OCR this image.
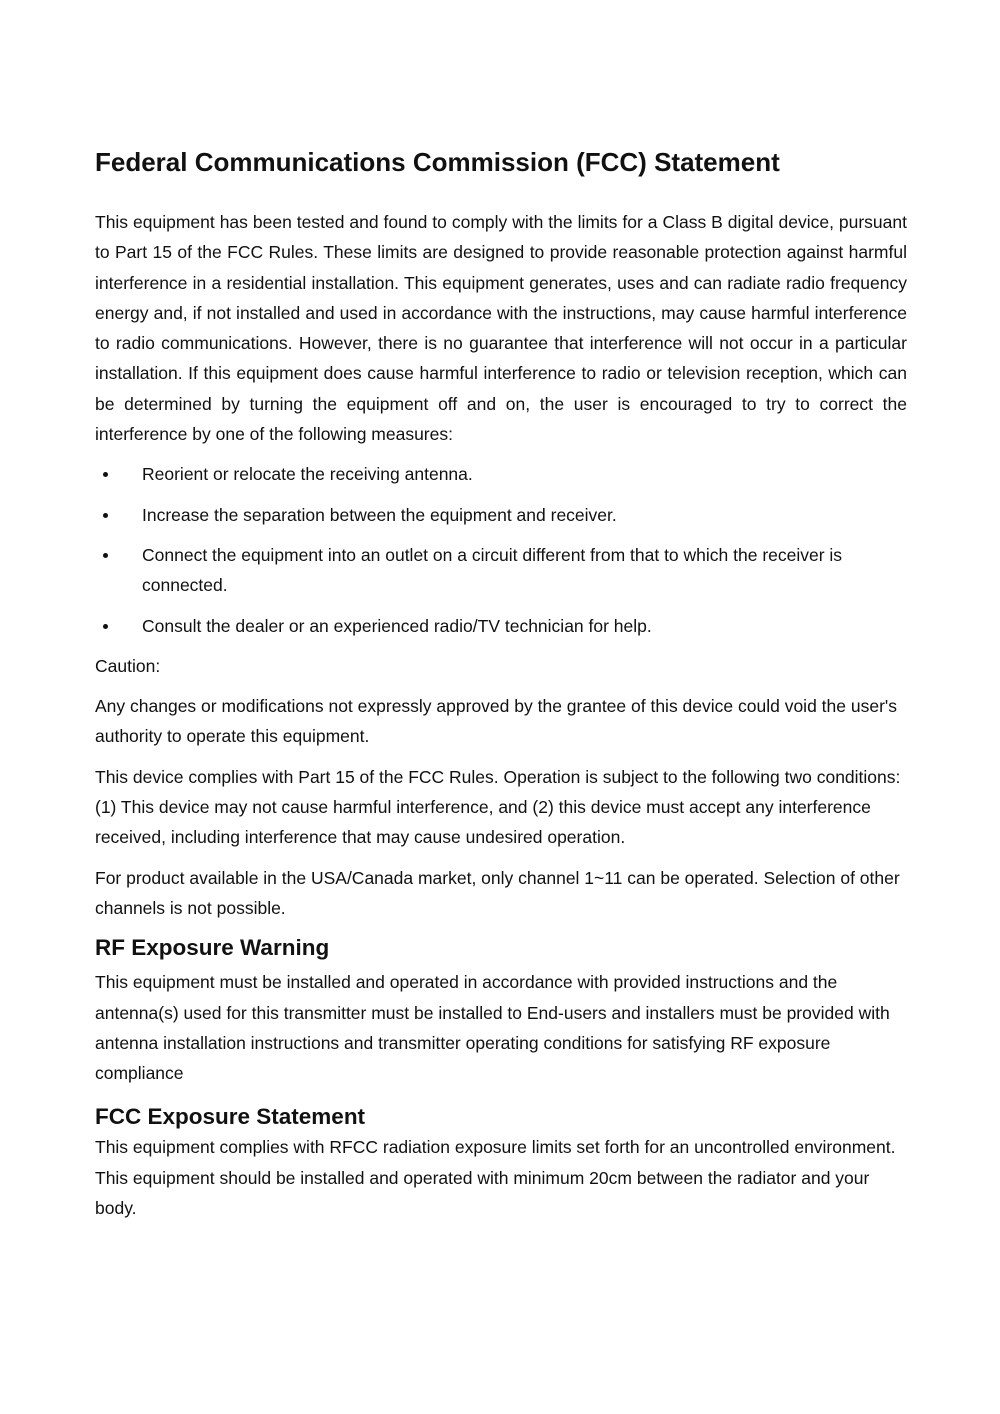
Federal Communications Commission (FCC) Statement

This equipment has been tested and found to comply with the limits for a Class B digital device, pursuant to Part 15 of the FCC Rules. These limits are designed to provide reasonable protection against harmful interference in a residential installation. This equipment generates, uses and can radiate radio frequency energy and, if not installed and used in accordance with the instructions, may cause harmful interference to radio communications. However, there is no guarantee that interference will not occur in a particular installation. If this equipment does cause harmful interference to radio or television reception, which can be determined by turning the equipment off and on, the user is encouraged to try to correct the interference by one of the following measures:

Reorient or relocate the receiving antenna.
Increase the separation between the equipment and receiver.
Connect the equipment into an outlet on a circuit different from that to which the receiver is connected.
Consult the dealer or an experienced radio/TV technician for help.

Caution:

Any changes or modifications not expressly approved by the grantee of this device could void the user's authority to operate this equipment.

This device complies with Part 15 of the FCC Rules. Operation is subject to the following two conditions: (1) This device may not cause harmful interference, and (2) this device must accept any interference received, including interference that may cause undesired operation.

For product available in the USA/Canada market, only channel 1~11 can be operated. Selection of other channels is not possible.

RF Exposure Warning

This equipment must be installed and operated in accordance with provided instructions and the antenna(s) used for this transmitter must be installed to End-users and installers must be provided with antenna installation instructions and transmitter operating conditions for satisfying RF exposure compliance

FCC Exposure Statement

This equipment complies with RFCC radiation exposure limits set forth for an uncontrolled environment. This equipment should be installed and operated with minimum 20cm between the radiator and your body.
